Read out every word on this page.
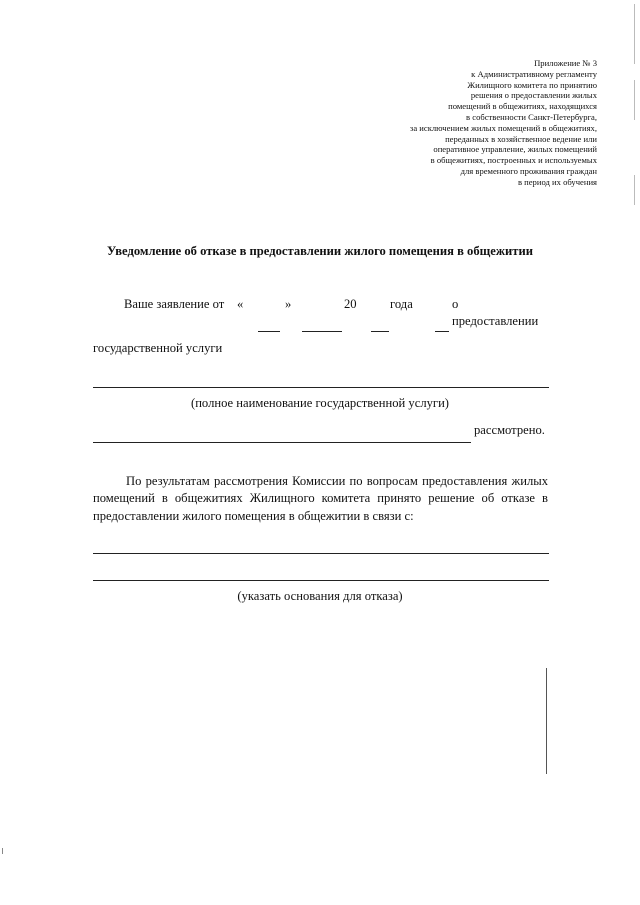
Приложение № 3
к Административному регламенту
Жилищного комитета по принятию
решения о предоставлении жилых
помещений в общежитиях, находящихся
в собственности Санкт-Петербурга,
за исключением жилых помещений в общежитиях,
переданных в хозяйственное ведение или
оперативное управление, жилых помещений
в общежитиях, построенных и используемых
для временного проживания граждан
в период их обучения
Уведомление об отказе в предоставлении жилого помещения в общежитии
Ваше заявление от «	»	20	года	о
предоставлении
государственной услуги
(полное наименование государственной услуги)
рассмотрено.
По результатам рассмотрения Комиссии по вопросам предоставления жилых помещений в общежитиях Жилищного комитета принято решение об отказе в предоставлении жилого помещения в общежитии в связи с:
(указать основания для отказа)
